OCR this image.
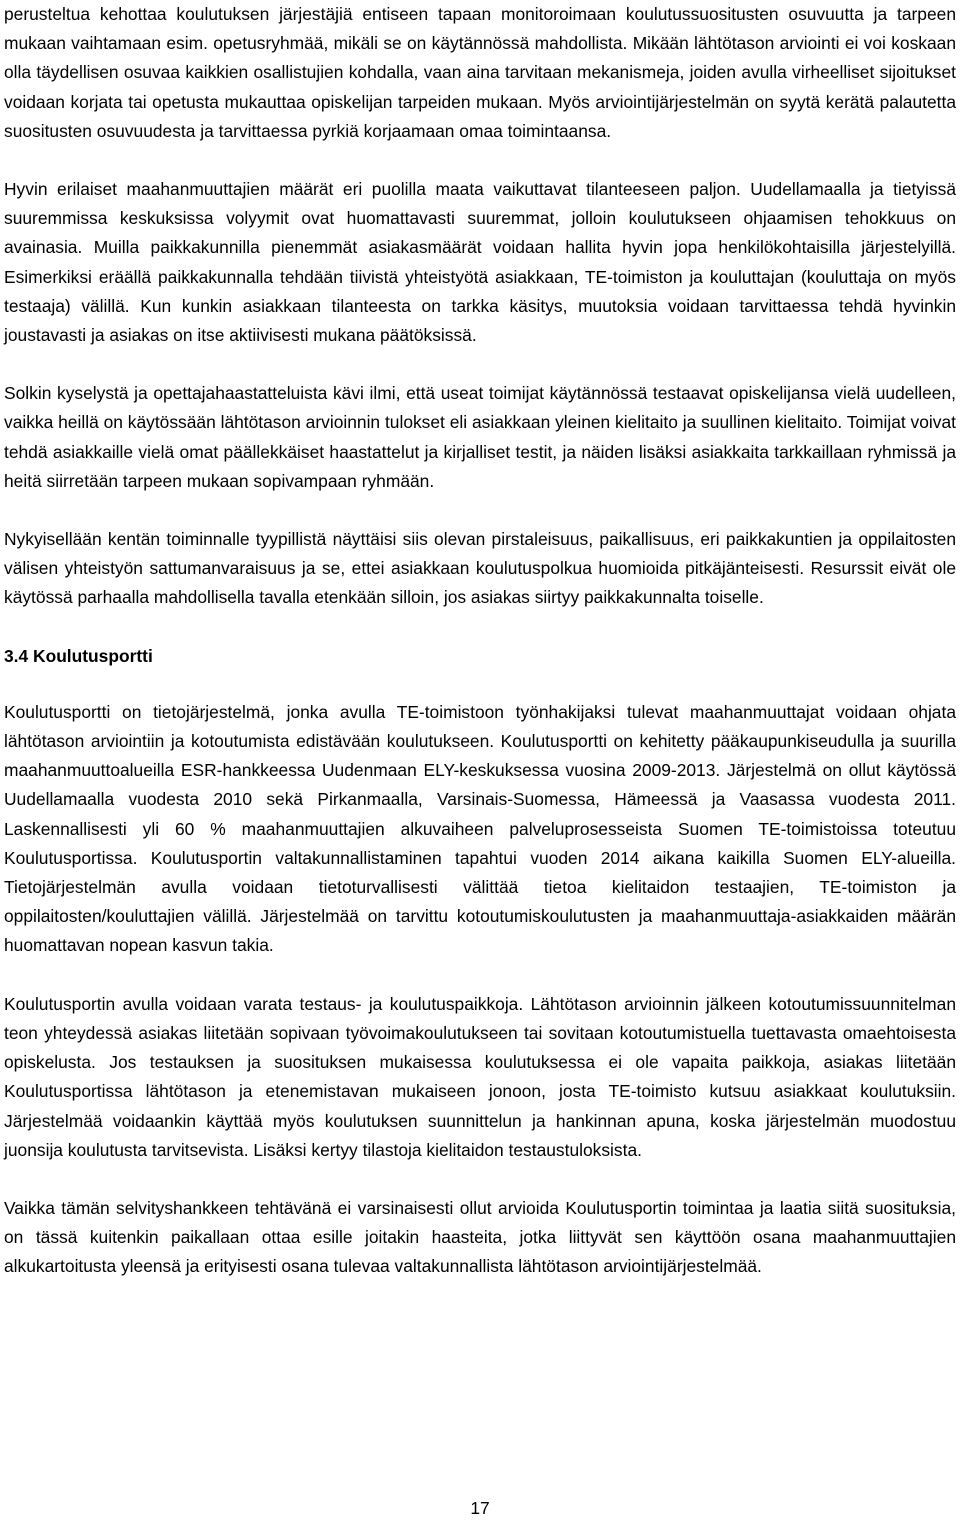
perusteltua kehottaa koulutuksen järjestäjiä entiseen tapaan monitoroimaan koulutussuositusten osuvuutta ja tarpeen mukaan vaihtamaan esim. opetusryhmää, mikäli se on käytännössä mahdollista. Mikään lähtötason arviointi ei voi koskaan olla täydellisen osuvaa kaikkien osallistujien kohdalla, vaan aina tarvitaan mekanismeja, joiden avulla virheelliset sijoitukset voidaan korjata tai opetusta mukauttaa opiskelijan tarpeiden mukaan. Myös arviointijärjestelmän on syytä kerätä palautetta suositusten osuvuudesta ja tarvittaessa pyrkiä korjaamaan omaa toimintaansa.

Hyvin erilaiset maahanmuuttajien määrät eri puolilla maata vaikuttavat tilanteeseen paljon. Uudellamaalla ja tietyissä suuremmissa keskuksissa volyymit ovat huomattavasti suuremmat, jolloin koulutukseen ohjaamisen tehokkuus on avainasia. Muilla paikkakunnilla pienemmät asiakasmäärät voidaan hallita hyvin jopa henkilökohtaisilla järjestelyillä. Esimerkiksi eräällä paikkakunnalla tehdään tiivistä yhteistyötä asiakkaan, TE-toimiston ja kouluttajan (kouluttaja on myös testaaja) välillä. Kun kunkin asiakkaan tilanteesta on tarkka käsitys, muutoksia voidaan tarvittaessa tehdä hyvinkin joustavasti ja asiakas on itse aktiivisesti mukana päätöksissä.

Solkin kyselystä ja opettajahaastatteluista kävi ilmi, että useat toimijat käytännössä testaavat opiskelijansa vielä uudelleen, vaikka heillä on käytössään lähtötason arvioinnin tulokset eli asiakkaan yleinen kielitaito ja suullinen kielitaito. Toimijat voivat tehdä asiakkaille vielä omat päällekkäiset haastattelut ja kirjalliset testit, ja näiden lisäksi asiakkaita tarkkaillaan ryhmissä ja heitä siirretään tarpeen mukaan sopivampaan ryhmään.

Nykyisellään kentän toiminnalle tyypillistä näyttäisi siis olevan pirstaleisuus, paikallisuus, eri paikkakuntien ja oppilaitosten välisen yhteistyön sattumanvaraisuus ja se, ettei asiakkaan koulutuspolkua huomioida pitkäjänteisesti. Resurssit eivät ole käytössä parhaalla mahdollisella tavalla etenkään silloin, jos asiakas siirtyy paikkakunnalta toiselle.

3.4 Koulutusportti

Koulutusportti on tietojärjestelmä, jonka avulla TE-toimistoon työnhakijaksi tulevat maahanmuuttajat voidaan ohjata lähtötason arviointiin ja kotoutumista edistävään koulutukseen. Koulutusportti on kehitetty pääkaupunkiseudulla ja suurilla maahanmuuttoalueilla ESR-hankkeessa Uudenmaan ELY-keskuksessa vuosina 2009-2013. Järjestelmä on ollut käytössä Uudellamaalla vuodesta 2010 sekä Pirkanmaalla, Varsinais-Suomessa, Hämeessä ja Vaasassa vuodesta 2011. Laskennallisesti yli 60 % maahanmuuttajien alkuvaiheen palveluprosesseista Suomen TE-toimistoissa toteutuu Koulutusportissa. Koulutusportin valtakunnallistaminen tapahtui vuoden 2014 aikana kaikilla Suomen ELY-alueilla. Tietojärjestelmän avulla voidaan tietoturvallisesti välittää tietoa kielitaidon testaajien, TE-toimiston ja oppilaitosten/kouluttajien välillä. Järjestelmää on tarvittu kotoutumiskoulutusten ja maahanmuuttaja-asiakkaiden määrän huomattavan nopean kasvun takia.

Koulutusportin avulla voidaan varata testaus- ja koulutuspaikkoja. Lähtötason arvioinnin jälkeen kotoutumissuunnitelman teon yhteydessä asiakas liitetään sopivaan työvoimakoulutukseen tai sovitaan kotoutumistuella tuettavasta omaehtoisesta opiskelusta. Jos testauksen ja suosituksen mukaisessa koulutuksessa ei ole vapaita paikkoja, asiakas liitetään Koulutusportissa lähtötason ja etenemistavan mukaiseen jonoon, josta TE-toimisto kutsuu asiakkaat koulutuksiin. Järjestelmää voidaankin käyttää myös koulutuksen suunnittelun ja hankinnan apuna, koska järjestelmän muodostuu juonsija koulutusta tarvitsevista. Lisäksi kertyy tilastoja kielitaidon testaustuloksista.

Vaikka tämän selvityshankkeen tehtävänä ei varsinaisesti ollut arvioida Koulutusportin toimintaa ja laatia siitä suosituksia, on tässä kuitenkin paikallaan ottaa esille joitakin haasteita, jotka liittyvät sen käyttöön osana maahanmuuttajien alkukartoitusta yleensä ja erityisesti osana tulevaa valtakunnallista lähtötason arviointijärjestelmää.

17
